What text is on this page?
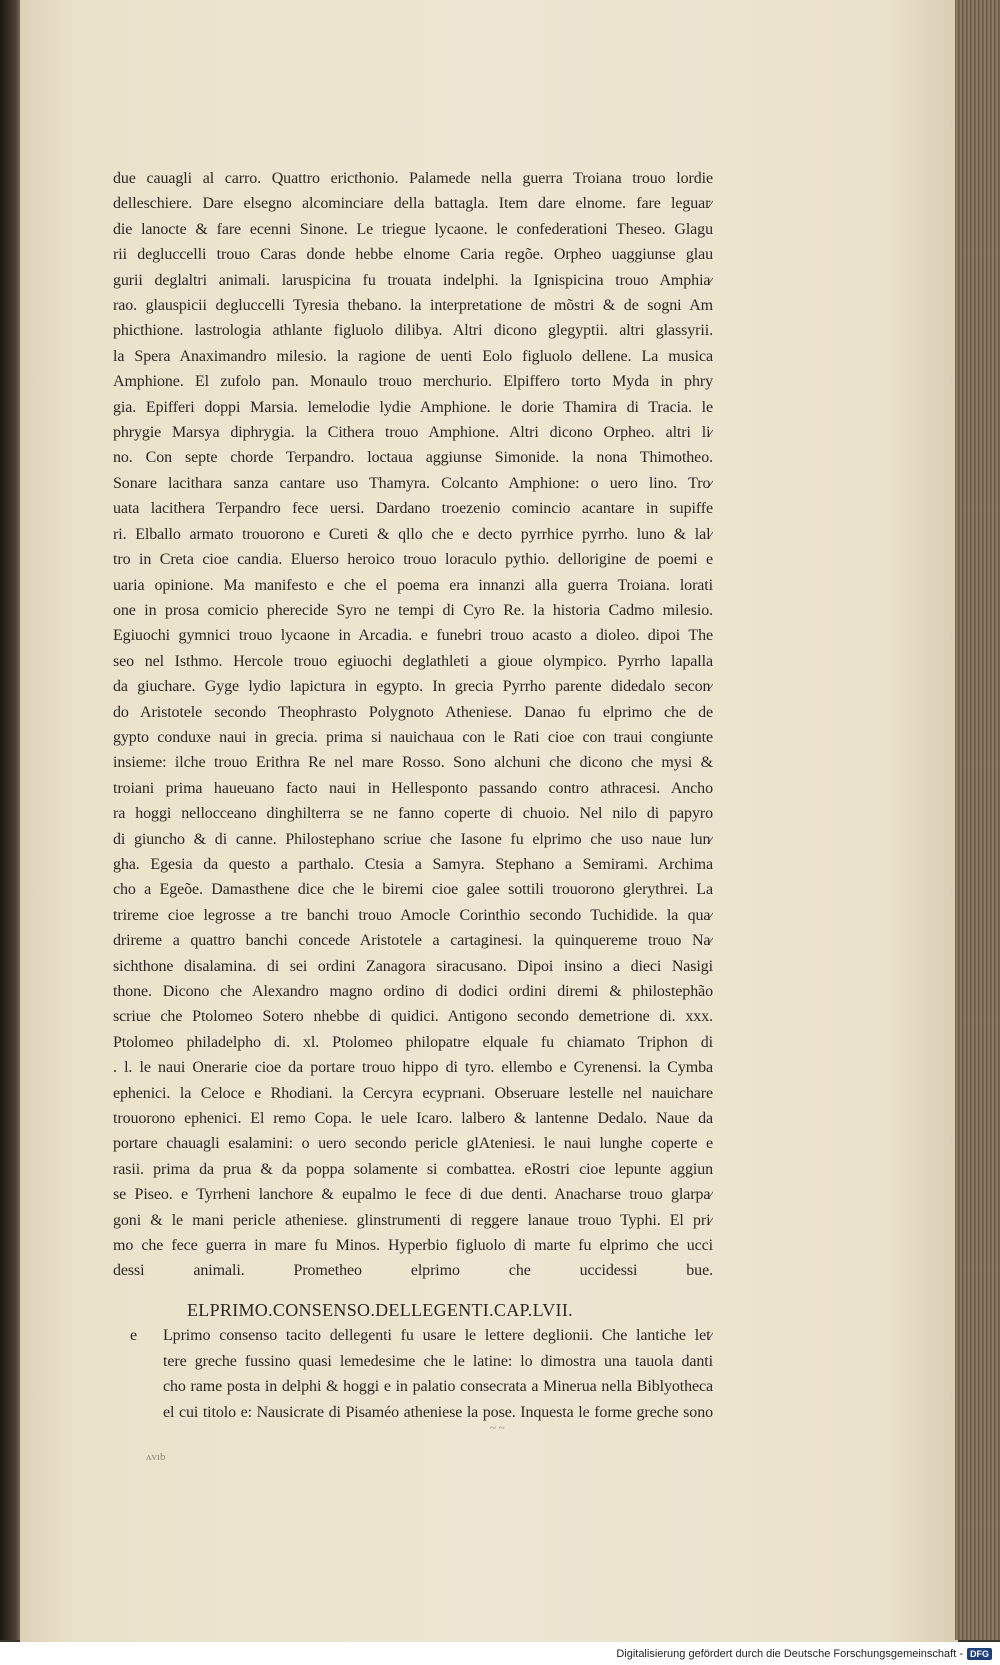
due cauagli al carro. Quattro ericthonio. Palamede nella guerra Troiana trouo lordie
delleschiere. Dare elsegno alcominciare della battagla. Item dare elnome. fare leguar⁄
die lanocte & fare ecenni Sinone. Le triegue lycaone. le confederationi Theseo. Glagu
rii degluccelli trouo Caras donde hebbe elnome Caria regõe. Orpheo uaggiunse glau
gurii deglaltri animali. laruspicina fu trouata indelphi. la Ignispicina trouo Amphia⁄
rao. glauspicii degluccelli Tyresia thebano. la interpretatione de mõstri & de sogni Am
phicthione. lastrologia athlante figluolo dilibya. Altri dicono glegyptii. altri glassyrii.
la Spera Anaximandro milesio. la ragione de uenti Eolo figluolo dellene. La musica
Amphione. El zufolo pan. Monaulo trouo merchurio. Elpiffero torto Myda in phry
gia. Epifferi doppi Marsia. lemelodie lydie Amphione. le dorie Thamira di Tracia. le
phrygie Marsya diphrygia. la Cithera trouo Amphione. Altri dicono Orpheo. altri li⁄
no. Con septe chorde Terpandro. loctaua aggiunse Simonide. la nona Thimotheo.
Sonare lacithara sanza cantare uso Thamyra. Colcanto Amphione: o uero lino. Tro⁄
uata lacithera Terpandro fece uersi. Dardano troezenio comincio acantare in supiffe
ri. Elballo armato trouorono e Cureti & qllo che e decto pyrrhice pyrrho. luno & lal⁄
tro in Creta cioe candia. Eluerso heroico trouo loraculo pythio. dellorigine de poemi e
uaria opinione. Ma manifesto e che el poema era innanzi alla guerra Troiana. lorati
one in prosa comicio pherecide Syro ne tempi di Cyro Re. la historia Cadmo milesio.
Egiuochi gymnici trouo lycaone in Arcadia. e funebri trouo acasto a dioleo. dipoi The
seo nel Isthmo. Hercole trouo egiuochi deglathleti a gioue olympico. Pyrrho lapalla
da giuchare. Gyge lydio lapictura in egypto. In grecia Pyrrho parente didedalo secon⁄
do Aristotele secondo Theophrasto Polygnoto Atheniese. Danao fu elprimo che de
gypto conduxe naui in grecia. prima si nauichaua con le Rati cioe con traui congiunte
insieme: ilche trouo Erithra Re nel mare Rosso. Sono alchuni che dicono che mysi &
troiani prima haueuano facto naui in Hellesponto passando contro athracesi. Ancho
ra hoggi nellocceano dinghilterra se ne fanno coperte di chuoio. Nel nilo di papyro
di giuncho & di canne. Philostephano scriue che Iasone fu elprimo che uso naue lun⁄
gha. Egesia da questo a parthalo. Ctesia a Samyra. Stephano a Semirami. Archima
cho a Egeõe. Damasthene dice che le biremi cioe galee sottili trouorono glerythrei. La
trireme cioe legrosse a tre banchi trouo Amocle Corinthio secondo Tuchidide. la qua⁄
drireme a quattro banchi concede Aristotele a cartaginesi. la quinquereme trouo Na⁄
sichthone disalamina. di sei ordini Zanagora siracusano. Dipoi insino a dieci Nasigi
thone. Dicono che Alexandro magno ordino di dodici ordini diremi & philostephão
scriue che Ptolomeo Sotero nhebbe di quidici. Antigono secondo demetrione di. xxx.
Ptolomeo philadelpho di. xl. Ptolomeo philopatre elquale fu chiamato Triphon di
. l. le naui Onerarie cioe da portare trouo hippo di tyro. ellembo e Cyrenensi. la Cymba
ephenici. la Celoce e Rhodiani. la Cercyra ecyprıani. Obseruare lestelle nel nauichare
trouorono ephenici. El remo Copa. le uele Icaro. lalbero & lantenne Dedalo. Naue da
portare chauagli esalamini: o uero secondo pericle glAteniesi. le naui lunghe coperte e
rasii. prima da prua & da poppa solamente si combattea. eRostri cioe lepunte aggiun
se Piseo. e Tyrrheni lanchore & eupalmo le fece di due denti. Anacharse trouo glarpa⁄
goni & le mani pericle atheniese. glinstrumenti di reggere lanaue trouo Typhi. El pri⁄
mo che fece guerra in mare fu Minos. Hyperbio figluolo di marte fu elprimo che ucci
dessi animali. Prometheo elprimo che uccidessi bue.
ELPRIMO.CONSENSO.DELLEGENTI.CAP.LVII.
e	Lprimo consenso tacito dellegenti fu usare le lettere deglionii. Che lantiche let⁄
tere greche fussino quasi lemedesime che le latine: lo dimostra una tauola danti
cho rame posta in delphi & hoggi e in palatio consecrata a Minerua nella Biblyotheca
el cui titolo e: Nausicrate di Pisaméo atheniese la pose. Inquesta le forme greche sono
ʌvıb
~ ~
Digitalisierung gefördert durch die Deutsche Forschungsgemeinschaft - DFG
